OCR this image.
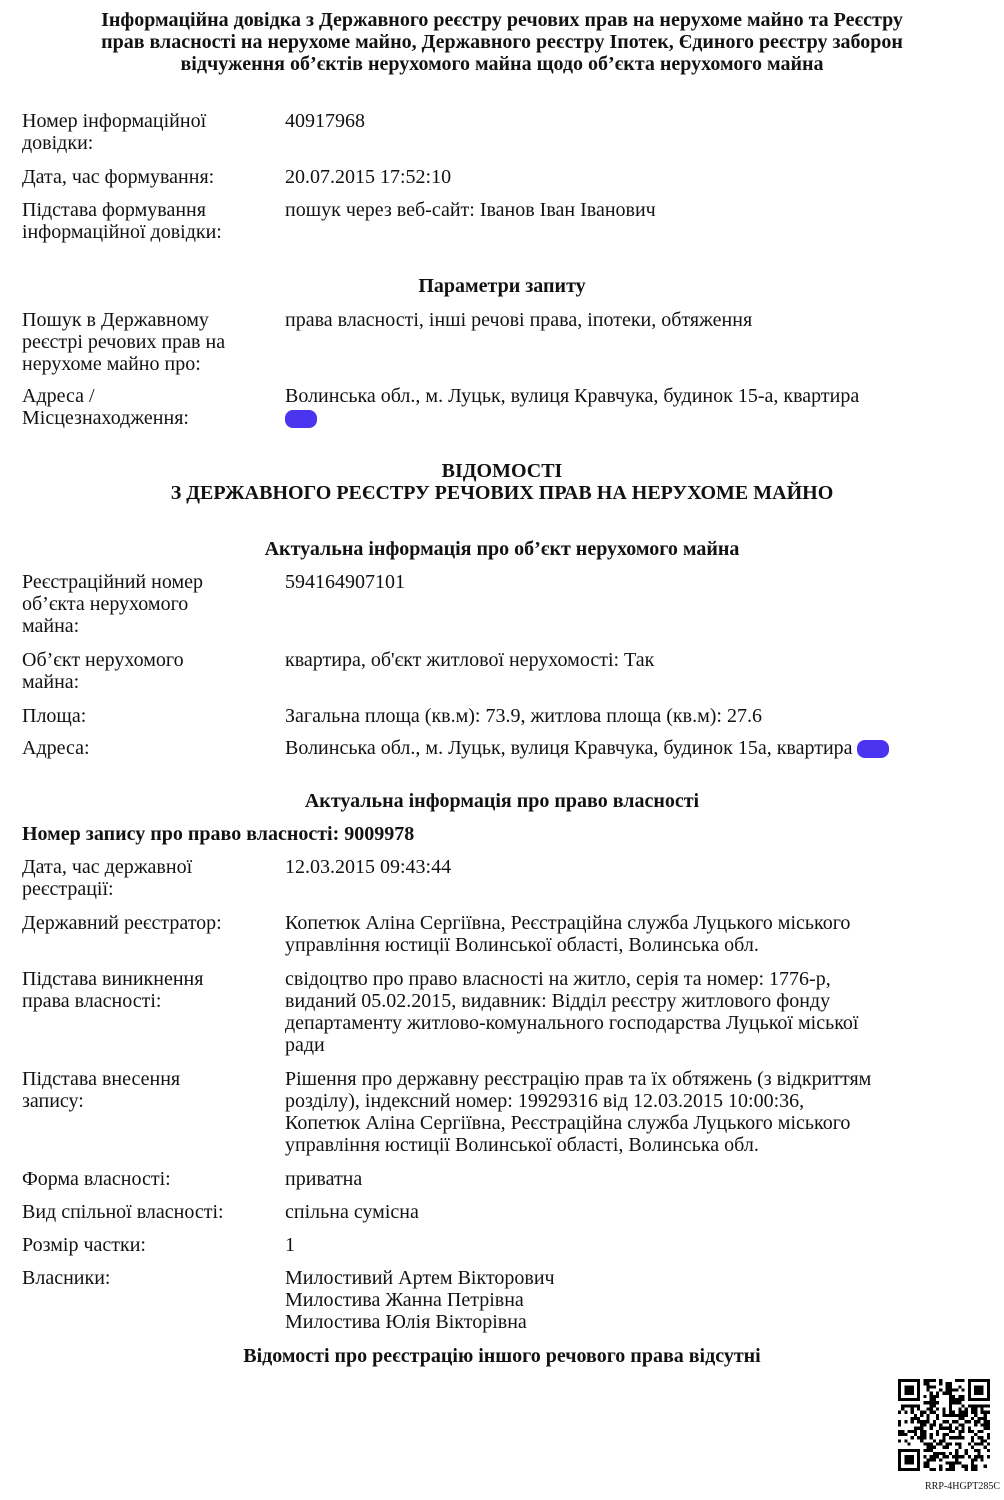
Інформаційна довідка з Державного реєстру речових прав на нерухоме майно та Реєстру
прав власності на нерухоме майно, Державного реєстру Іпотек, Єдиного реєстру заборон
відчуження об’єктів нерухомого майна щодо об’єкта нерухомого майна
Номер інформаційної
довідки:
40917968
Дата, час формування:	20.07.2015 17:52:10
Підстава формування
інформаційної довідки:
пошук через веб-сайт: Іванов Іван Іванович
Параметри запиту
Пошук в Державному
реєстрі речових прав на
нерухоме майно про:
права власності, інші речові права, іпотеки, обтяження
Адреса /
Місцезнаходження:
Волинська обл., м. Луцьк, вулиця Кравчука, будинок 15-а, квартира

ВІДОМОСТІ
З ДЕРЖАВНОГО РЕЄСТРУ РЕЧОВИХ ПРАВ НА НЕРУХОМЕ МАЙНО
Актуальна інформація про об’єкт нерухомого майна
Реєстраційний номер
об’єкта нерухомого
майна:
594164907101
Об’єкт нерухомого
майна:
квартира, об'єкт житлової нерухомості: Так
Площа:	Загальна площа (кв.м): 73.9, житлова площа (кв.м): 27.6
Адреса:	Волинська обл., м. Луцьк, вулиця Кравчука, будинок 15а, квартира
Актуальна інформація про право власності
Номер запису про право власності: 9009978
Дата, час державної
реєстрації:
12.03.2015 09:43:44
Державний реєстратор:	Копетюк Аліна Сергіївна, Реєстраційна служба Луцького міського
управління юстиції Волинської області, Волинська обл.
Підстава виникнення
права власності:
свідоцтво про право власності на житло, серія та номер: 1776-р,
виданий 05.02.2015, видавник: Відділ реєстру житлового фонду
департаменту житлово-комунального господарства Луцької міської
ради
Підстава внесення
запису:
Рішення про державну реєстрацію прав та їх обтяжень (з відкриттям
розділу), індексний номер: 19929316 від 12.03.2015 10:00:36,
Копетюк Аліна Сергіївна, Реєстраційна служба Луцького міського
управління юстиції Волинської області, Волинська обл.
Форма власності:	приватна
Вид спільної власності:	спільна сумісна
Розмір частки:	1
Власники:	Милостивий Артем Вікторович
Милостива Жанна Петрівна
Милостива Юлія Вікторівна
Відомості про реєстрацію іншого речового права відсутні
RRP-4HGPT285C
